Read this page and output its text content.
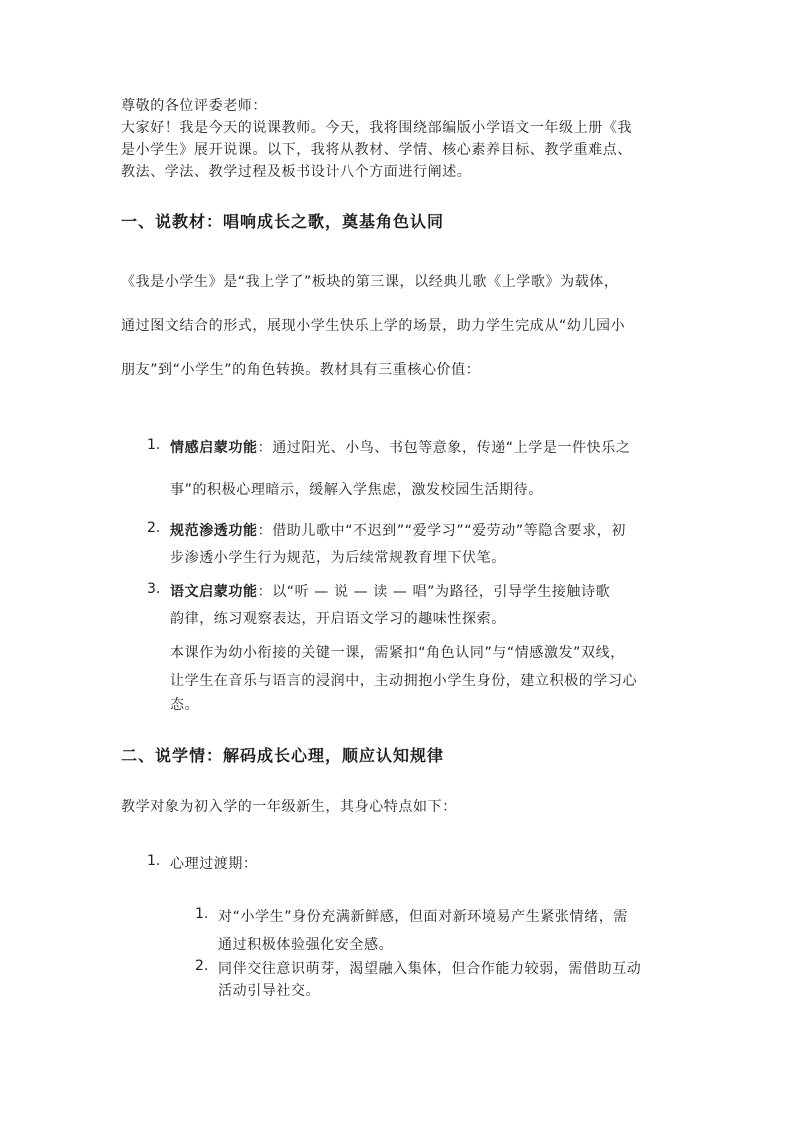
尊敬的各位评委老师：
大家好！我是今天的说课教师。今天，我将围绕部编版小学语文一年级上册《我
是小学生》展开说课。以下，我将从教材、学情、核心素养目标、教学重难点、
教法、学法、教学过程及板书设计八个方面进行阐述。
一、说教材：唱响成长之歌，奠基角色认同
《我是小学生》是“我上学了”板块的第三课，以经典儿歌《上学歌》为载体，
通过图文结合的形式，展现小学生快乐上学的场景，助力学生完成从“幼儿园小
朋友”到“小学生”的角色转换。教材具有三重核心价值：
1. 情感启蒙功能：通过阳光、小鸟、书包等意象，传递“上学是一件快乐之
事”的积极心理暗示，缓解入学焦虑，激发校园生活期待。
2. 规范渗透功能：借助儿歌中“不迟到”“爱学习”“爱劳动”等隐含要求，初
步渗透小学生行为规范，为后续常规教育埋下伏笔。
3. 语文启蒙功能：以“听 — 说 — 读 — 唱”为路径，引导学生接触诗歌
韵律，练习观察表达，开启语文学习的趣味性探索。
本课作为幼小衔接的关键一课，需紧扣“角色认同”与“情感激发”双线，
让学生在音乐与语言的浸润中，主动拥抱小学生身份，建立积极的学习心
态。
二、说学情：解码成长心理，顺应认知规律
教学对象为初入学的一年级新生，其身心特点如下：
1. 心理过渡期：
1. 对“小学生”身份充满新鲜感，但面对新环境易产生紧张情绪，需
通过积极体验强化安全感。
2. 同伴交往意识萌芽，渴望融入集体，但合作能力较弱，需借助互动
活动引导社交。
